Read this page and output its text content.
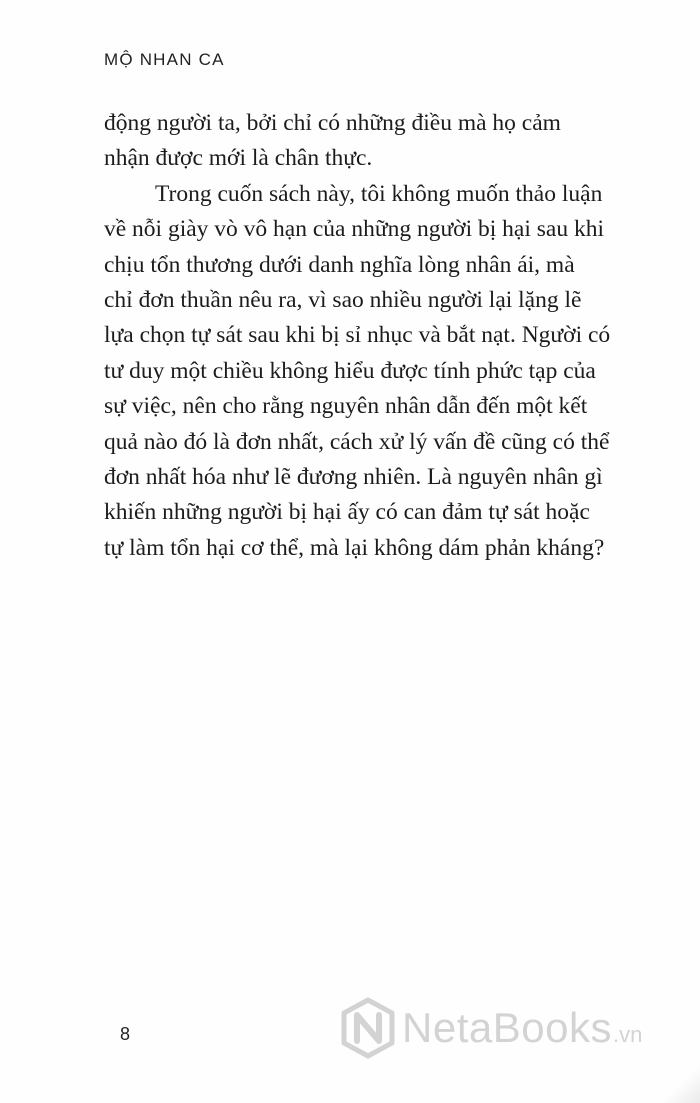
MỘ NHAN CA
động người ta, bởi chỉ có những điều mà họ cảm
nhận được mới là chân thực.
Trong cuốn sách này, tôi không muốn thảo luận
về nỗi giày vò vô hạn của những người bị hại sau khi
chịu tổn thương dưới danh nghĩa lòng nhân ái, mà
chỉ đơn thuần nêu ra, vì sao nhiều người lại lặng lẽ
lựa chọn tự sát sau khi bị sỉ nhục và bắt nạt. Người có
tư duy một chiều không hiểu được tính phức tạp của
sự việc, nên cho rằng nguyên nhân dẫn đến một kết
quả nào đó là đơn nhất, cách xử lý vấn đề cũng có thể
đơn nhất hóa như lẽ đương nhiên. Là nguyên nhân gì
khiến những người bị hại ấy có can đảm tự sát hoặc
tự làm tổn hại cơ thể, mà lại không dám phản kháng?
8	NetaBooks .vn
